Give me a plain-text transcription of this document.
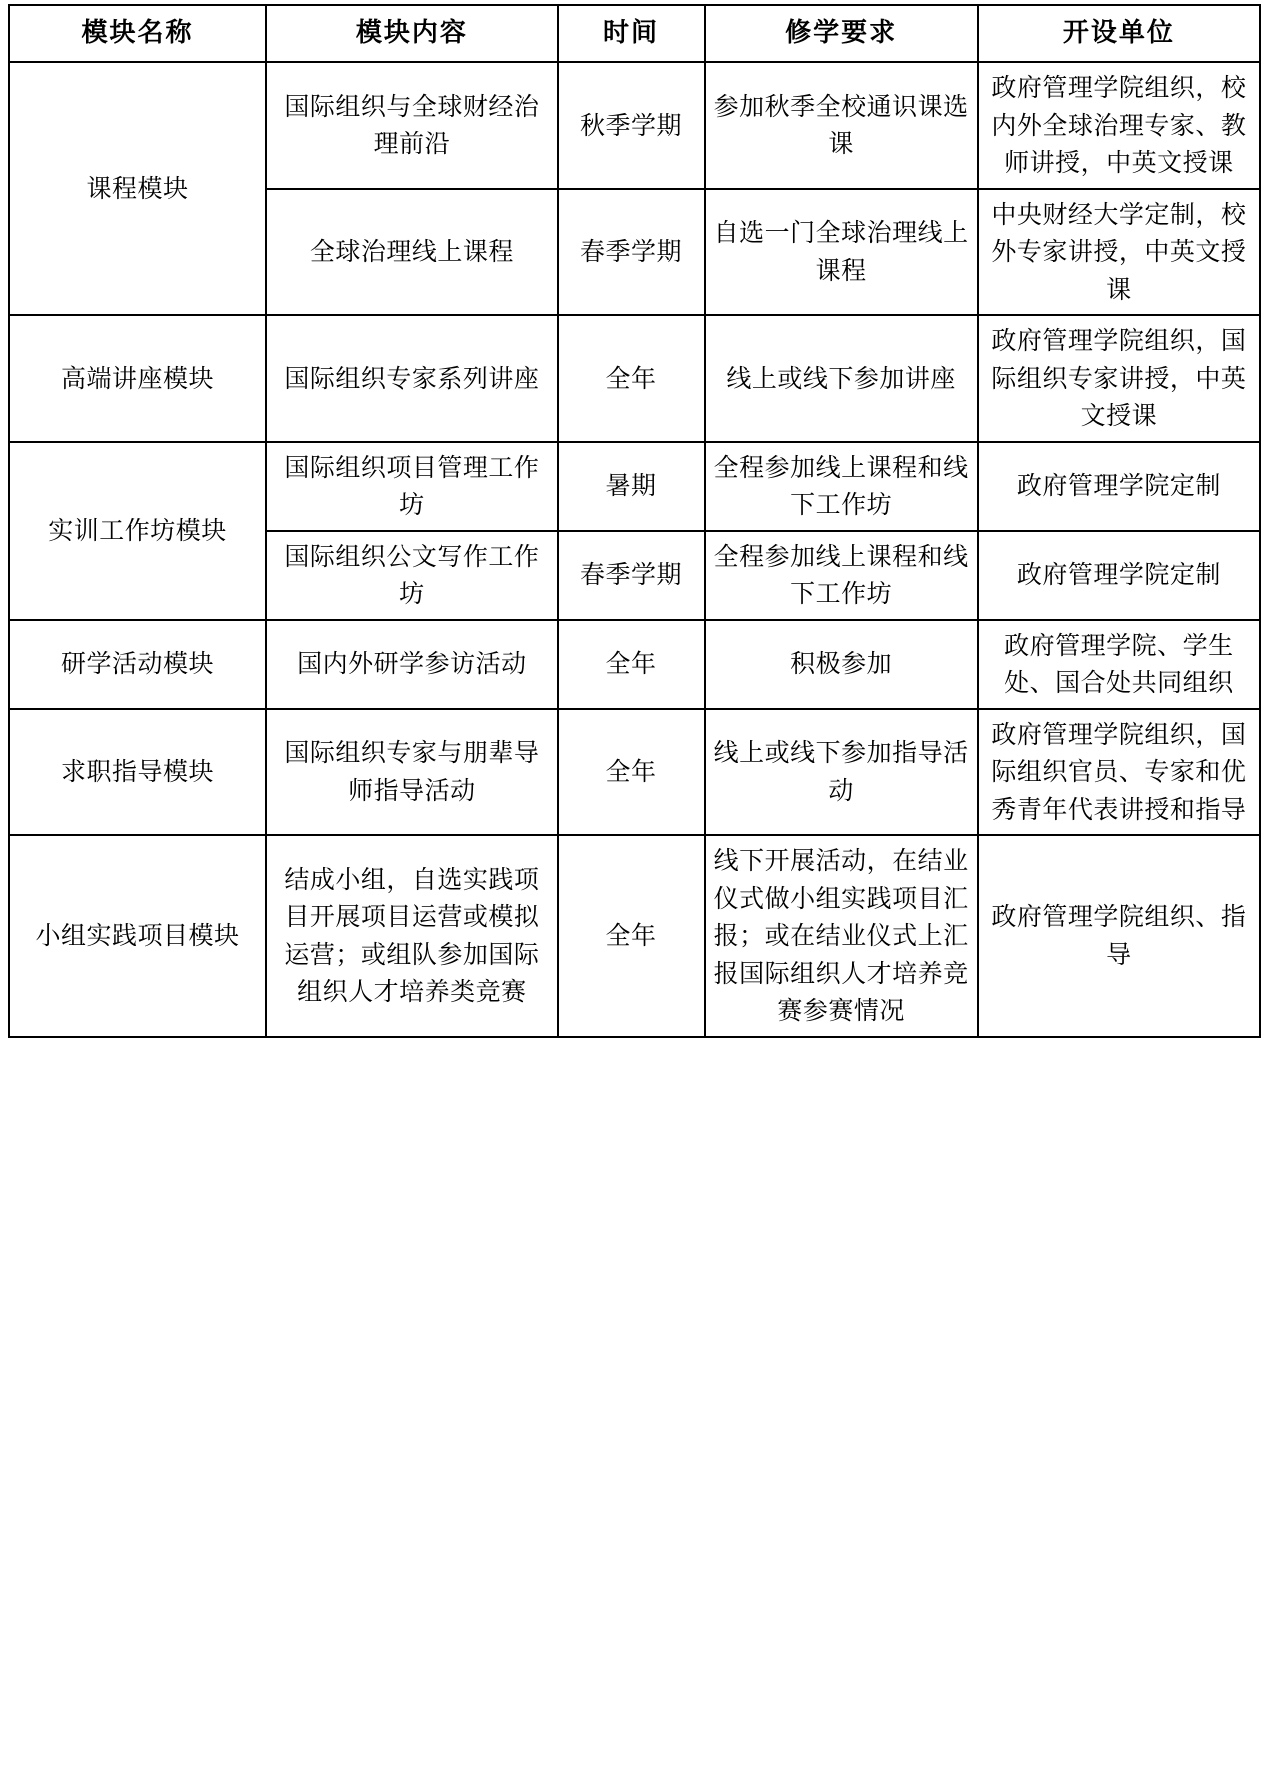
模块名称	模块内容	时间	修学要求	开设单位
课程模块	国际组织与全球财经治理前沿	秋季学期	参加秋季全校通识课选课	政府管理学院组织，校内外全球治理专家、教师讲授，中英文授课
	全球治理线上课程	春季学期	自选一门全球治理线上课程	中央财经大学定制，校外专家讲授，中英文授课
高端讲座模块	国际组织专家系列讲座	全年	线上或线下参加讲座	政府管理学院组织，国际组织专家讲授，中英文授课
实训工作坊模块	国际组织项目管理工作坊	暑期	全程参加线上课程和线下工作坊	政府管理学院定制
	国际组织公文写作工作坊	春季学期	全程参加线上课程和线下工作坊	政府管理学院定制
研学活动模块	国内外研学参访活动	全年	积极参加	政府管理学院、学生处、国合处共同组织
求职指导模块	国际组织专家与朋辈导师指导活动	全年	线上或线下参加指导活动	政府管理学院组织，国际组织官员、专家和优秀青年代表讲授和指导
小组实践项目模块	结成小组，自选实践项目开展项目运营或模拟运营；或组队参加国际组织人才培养类竞赛	全年	线下开展活动，在结业仪式做小组实践项目汇报；或在结业仪式上汇报国际组织人才培养竞赛参赛情况	政府管理学院组织、指导
